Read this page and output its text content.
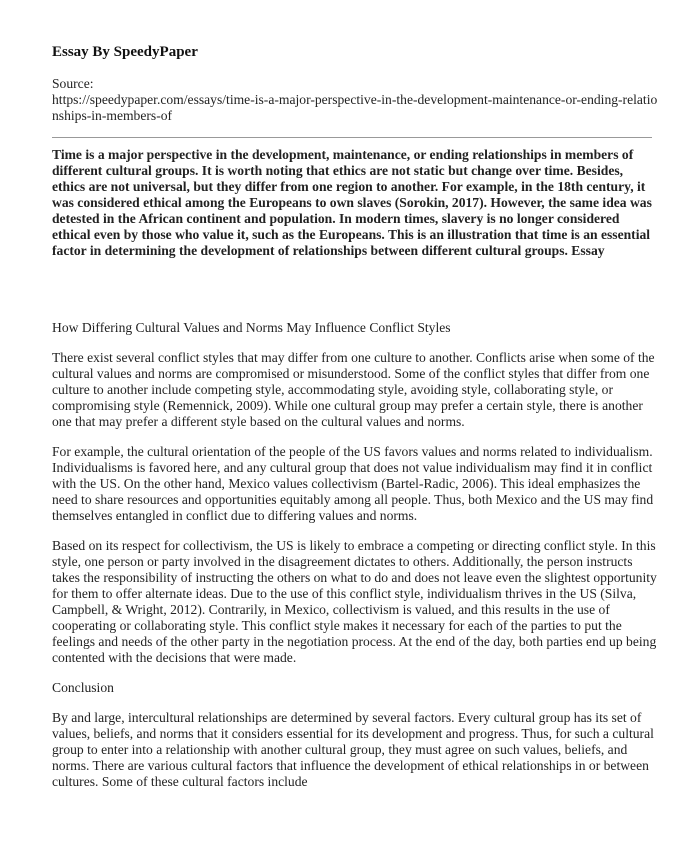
Essay By SpeedyPaper
Source:
https://speedypaper.com/essays/time-is-a-major-perspective-in-the-development-maintenance-or-ending-relationships-in-members-of

Time is a major perspective in the development, maintenance, or ending relationships in members of different cultural groups. It is worth noting that ethics are not static but change over time. Besides, ethics are not universal, but they differ from one region to another. For example, in the 18th century, it was considered ethical among the Europeans to own slaves (Sorokin, 2017). However, the same idea was detested in the African continent and population. In modern times, slavery is no longer considered ethical even by those who value it, such as the Europeans. This is an illustration that time is an essential factor in determining the development of relationships between different cultural groups. Essay

How Differing Cultural Values and Norms May Influence Conflict Styles

There exist several conflict styles that may differ from one culture to another. Conflicts arise when some of the cultural values and norms are compromised or misunderstood. Some of the conflict styles that differ from one culture to another include competing style, accommodating style, avoiding style, collaborating style, or compromising style (Remennick, 2009). While one cultural group may prefer a certain style, there is another one that may prefer a different style based on the cultural values and norms.

For example, the cultural orientation of the people of the US favors values and norms related to individualism. Individualisms is favored here, and any cultural group that does not value individualism may find it in conflict with the US. On the other hand, Mexico values collectivism (Bartel-Radic, 2006). This ideal emphasizes the need to share resources and opportunities equitably among all people. Thus, both Mexico and the US may find themselves entangled in conflict due to differing values and norms.

Based on its respect for collectivism, the US is likely to embrace a competing or directing conflict style. In this style, one person or party involved in the disagreement dictates to others. Additionally, the person instructs takes the responsibility of instructing the others on what to do and does not leave even the slightest opportunity for them to offer alternate ideas. Due to the use of this conflict style, individualism thrives in the US (Silva, Campbell, & Wright, 2012). Contrarily, in Mexico, collectivism is valued, and this results in the use of cooperating or collaborating style. This conflict style makes it necessary for each of the parties to put the feelings and needs of the other party in the negotiation process. At the end of the day, both parties end up being contented with the decisions that were made.

Conclusion

By and large, intercultural relationships are determined by several factors. Every cultural group has its set of values, beliefs, and norms that it considers essential for its development and progress. Thus, for such a cultural group to enter into a relationship with another cultural group, they must agree on such values, beliefs, and norms. There are various cultural factors that influence the development of ethical relationships in or between cultures. Some of these cultural factors include
